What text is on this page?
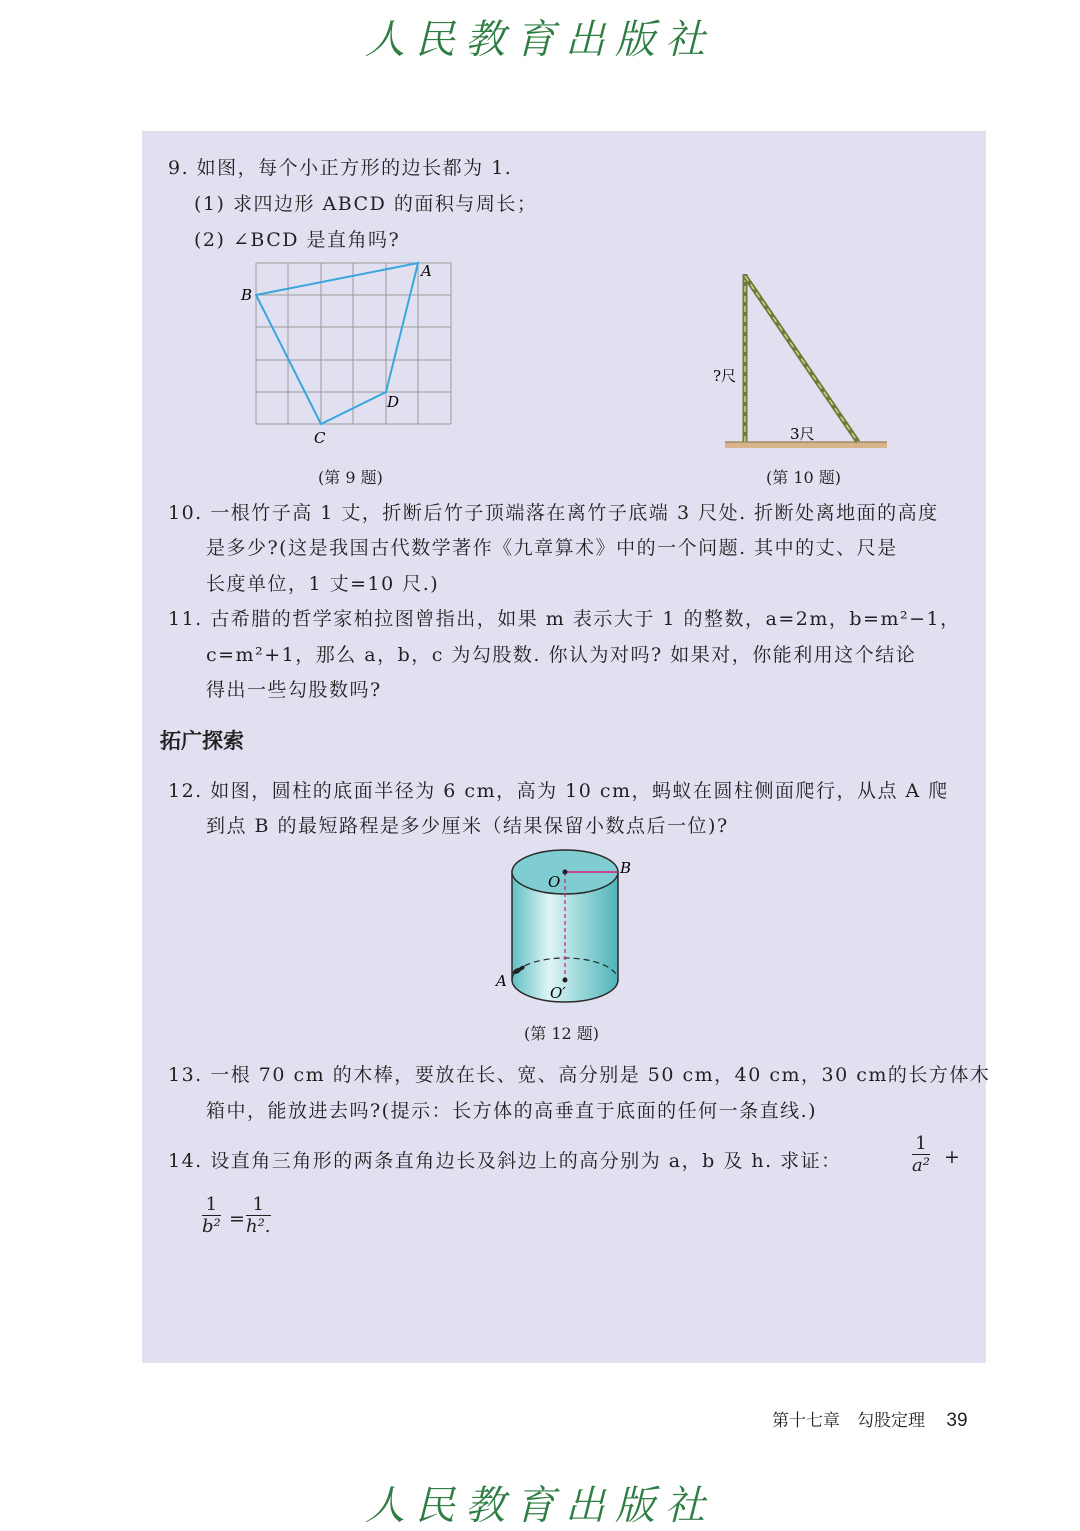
人民教育出版社
9. 如图，每个小正方形的边长都为 1.
(1) 求四边形 ABCD 的面积与周长；
(2) ∠BCD 是直角吗?
A
B
C
D
(第 9 题)
?尺
3尺
(第 10 题)
10. 一根竹子高 1 丈，折断后竹子顶端落在离竹子底端 3 尺处. 折断处离地面的高度
是多少?(这是我国古代数学著作《九章算术》中的一个问题. 其中的丈、尺是
长度单位，1 丈=10 尺.)
11. 古希腊的哲学家柏拉图曾指出，如果 m 表示大于 1 的整数，a=2m，b=m²−1，
c=m²+1，那么 a，b，c 为勾股数. 你认为对吗? 如果对，你能利用这个结论
得出一些勾股数吗?
拓广探索
12. 如图，圆柱的底面半径为 6 cm，高为 10 cm，蚂蚁在圆柱侧面爬行，从点 A 爬
到点 B 的最短路程是多少厘米（结果保留小数点后一位)?
O
B
A
O′
(第 12 题)
13. 一根 70 cm 的木棒，要放在长、宽、高分别是 50 cm，40 cm，30 cm的长方体木
箱中，能放进去吗?(提示：长方体的高垂直于底面的任何一条直线.)
14. 设直角三角形的两条直角边长及斜边上的高分别为 a，b 及 h. 求证：	$\frac{1}{\text{a²}}$ +
$\frac{1}{\text{b²}} = \frac{1}{\text{h².}}$
第十七章　勾股定理 39
人民教育出版社
